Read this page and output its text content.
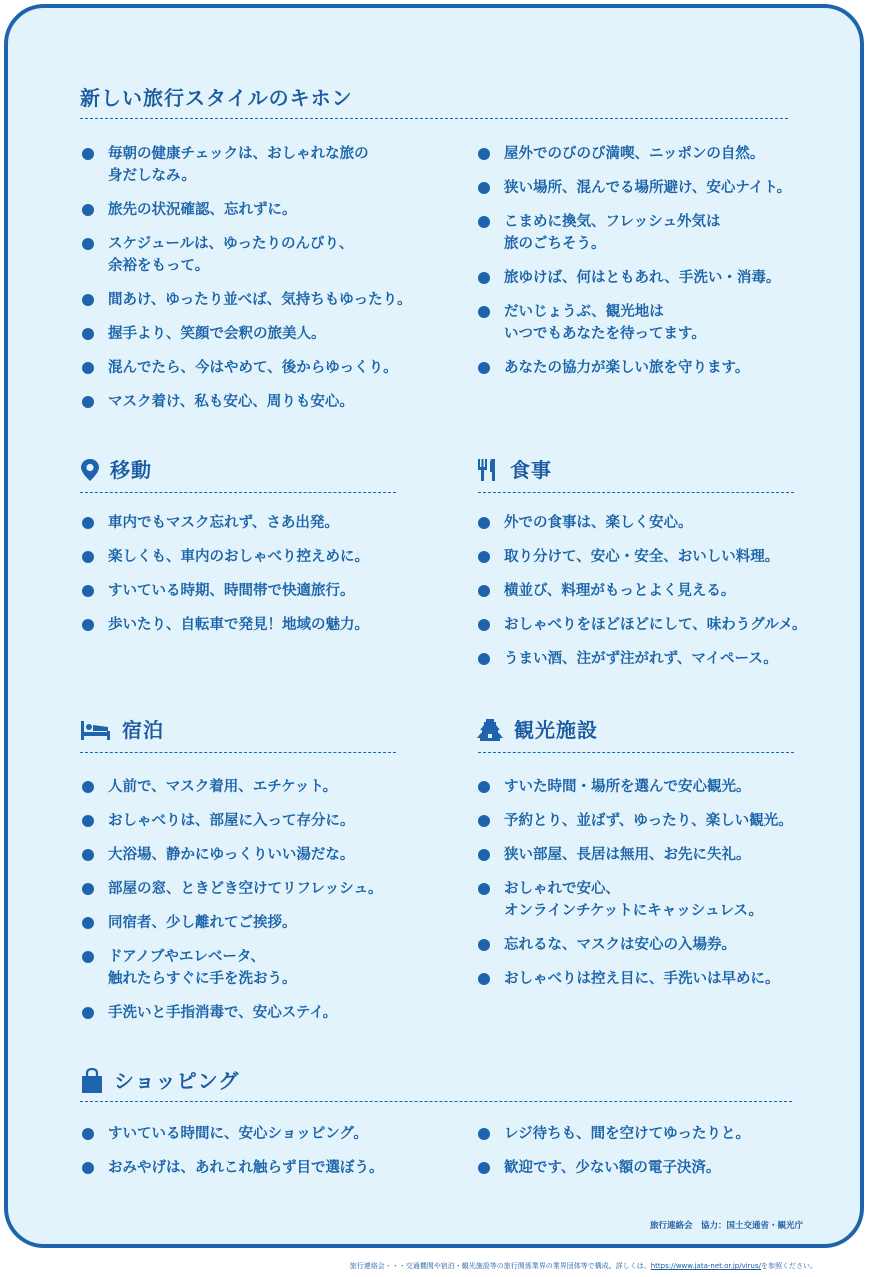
新しい旅行スタイルのキホン
毎朝の健康チェックは、おしゃれな旅の
身だしなみ。
旅先の状況確認、忘れずに。
スケジュールは、ゆったりのんびり、
余裕をもって。
間あけ、ゆったり並べば、気持ちもゆったり。
握手より、笑顔で会釈の旅美人。
混んでたら、今はやめて、後からゆっくり。
マスク着け、私も安心、周りも安心。
屋外でのびのび満喫、ニッポンの自然。
狭い場所、混んでる場所避け、安心ナイト。
こまめに換気、フレッシュ外気は
旅のごちそう。
旅ゆけば、何はともあれ、手洗い・消毒。
だいじょうぶ、観光地は
いつでもあなたを待ってます。
あなたの協力が楽しい旅を守ります。
移動
車内でもマスク忘れず、さあ出発。
楽しくも、車内のおしゃべり控えめに。
すいている時期、時間帯で快適旅行。
歩いたり、自転車で発見！地域の魅力。
食事
外での食事は、楽しく安心。
取り分けて、安心・安全、おいしい料理。
横並び、料理がもっとよく見える。
おしゃべりをほどほどにして、味わうグルメ。
うまい酒、注がず注がれず、マイペース。
宿泊
人前で、マスク着用、エチケット。
おしゃべりは、部屋に入って存分に。
大浴場、静かにゆっくりいい湯だな。
部屋の窓、ときどき空けてリフレッシュ。
同宿者、少し離れてご挨拶。
ドアノブやエレベータ、
触れたらすぐに手を洗おう。
手洗いと手指消毒で、安心ステイ。
観光施設
すいた時間・場所を選んで安心観光。
予約とり、並ばず、ゆったり、楽しい観光。
狭い部屋、長居は無用、お先に失礼。
おしゃれで安心、
オンラインチケットにキャッシュレス。
忘れるな、マスクは安心の入場券。
おしゃべりは控え目に、手洗いは早めに。
ショッピング
すいている時間に、安心ショッピング。
おみやげは、あれこれ触らず目で選ぼう。
レジ待ちも、間を空けてゆったりと。
歓迎です、少ない額の電子決済。
旅行連絡会　協力：国土交通省・観光庁
旅行連絡会・・・交通機関や宿泊・観光施設等の旅行関係業界の業界団体等で構成。詳しくは、https://www.jata-net.or.jp/virus/を参照ください。
